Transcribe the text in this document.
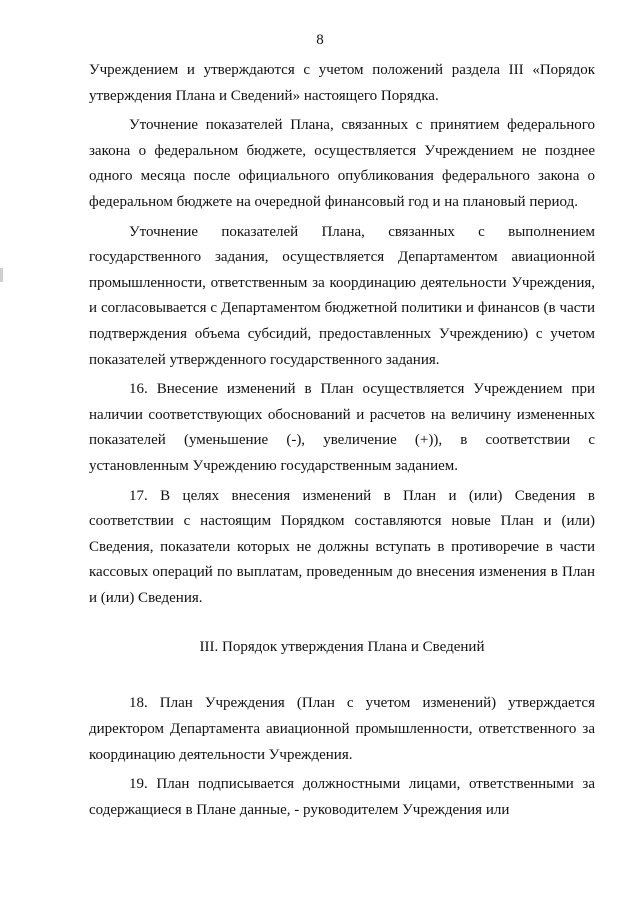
8

Учреждением и утверждаются с учетом положений раздела III «Порядок утверждения Плана и Сведений» настоящего Порядка.

Уточнение показателей Плана, связанных с принятием федерального закона о федеральном бюджете, осуществляется Учреждением не позднее одного месяца после официального опубликования федерального закона о федеральном бюджете на очередной финансовый год и на плановый период.

Уточнение показателей Плана, связанных с выполнением государственного задания, осуществляется Департаментом авиационной промышленности, ответственным за координацию деятельности Учреждения, и согласовывается с Департаментом бюджетной политики и финансов (в части подтверждения объема субсидий, предоставленных Учреждению) с учетом показателей утвержденного государственного задания.

16. Внесение изменений в План осуществляется Учреждением при наличии соответствующих обоснований и расчетов на величину измененных показателей (уменьшение (-), увеличение (+)), в соответствии с установленным Учреждению государственным заданием.

17. В целях внесения изменений в План и (или) Сведения в соответствии с настоящим Порядком составляются новые План и (или) Сведения, показатели которых не должны вступать в противоречие в части кассовых операций по выплатам, проведенным до внесения изменения в План и (или) Сведения.

III. Порядок утверждения Плана и Сведений

18. План Учреждения (План с учетом изменений) утверждается директором Департамента авиационной промышленности, ответственного за координацию деятельности Учреждения.

19. План подписывается должностными лицами, ответственными за содержащиеся в Плане данные, - руководителем Учреждения или
